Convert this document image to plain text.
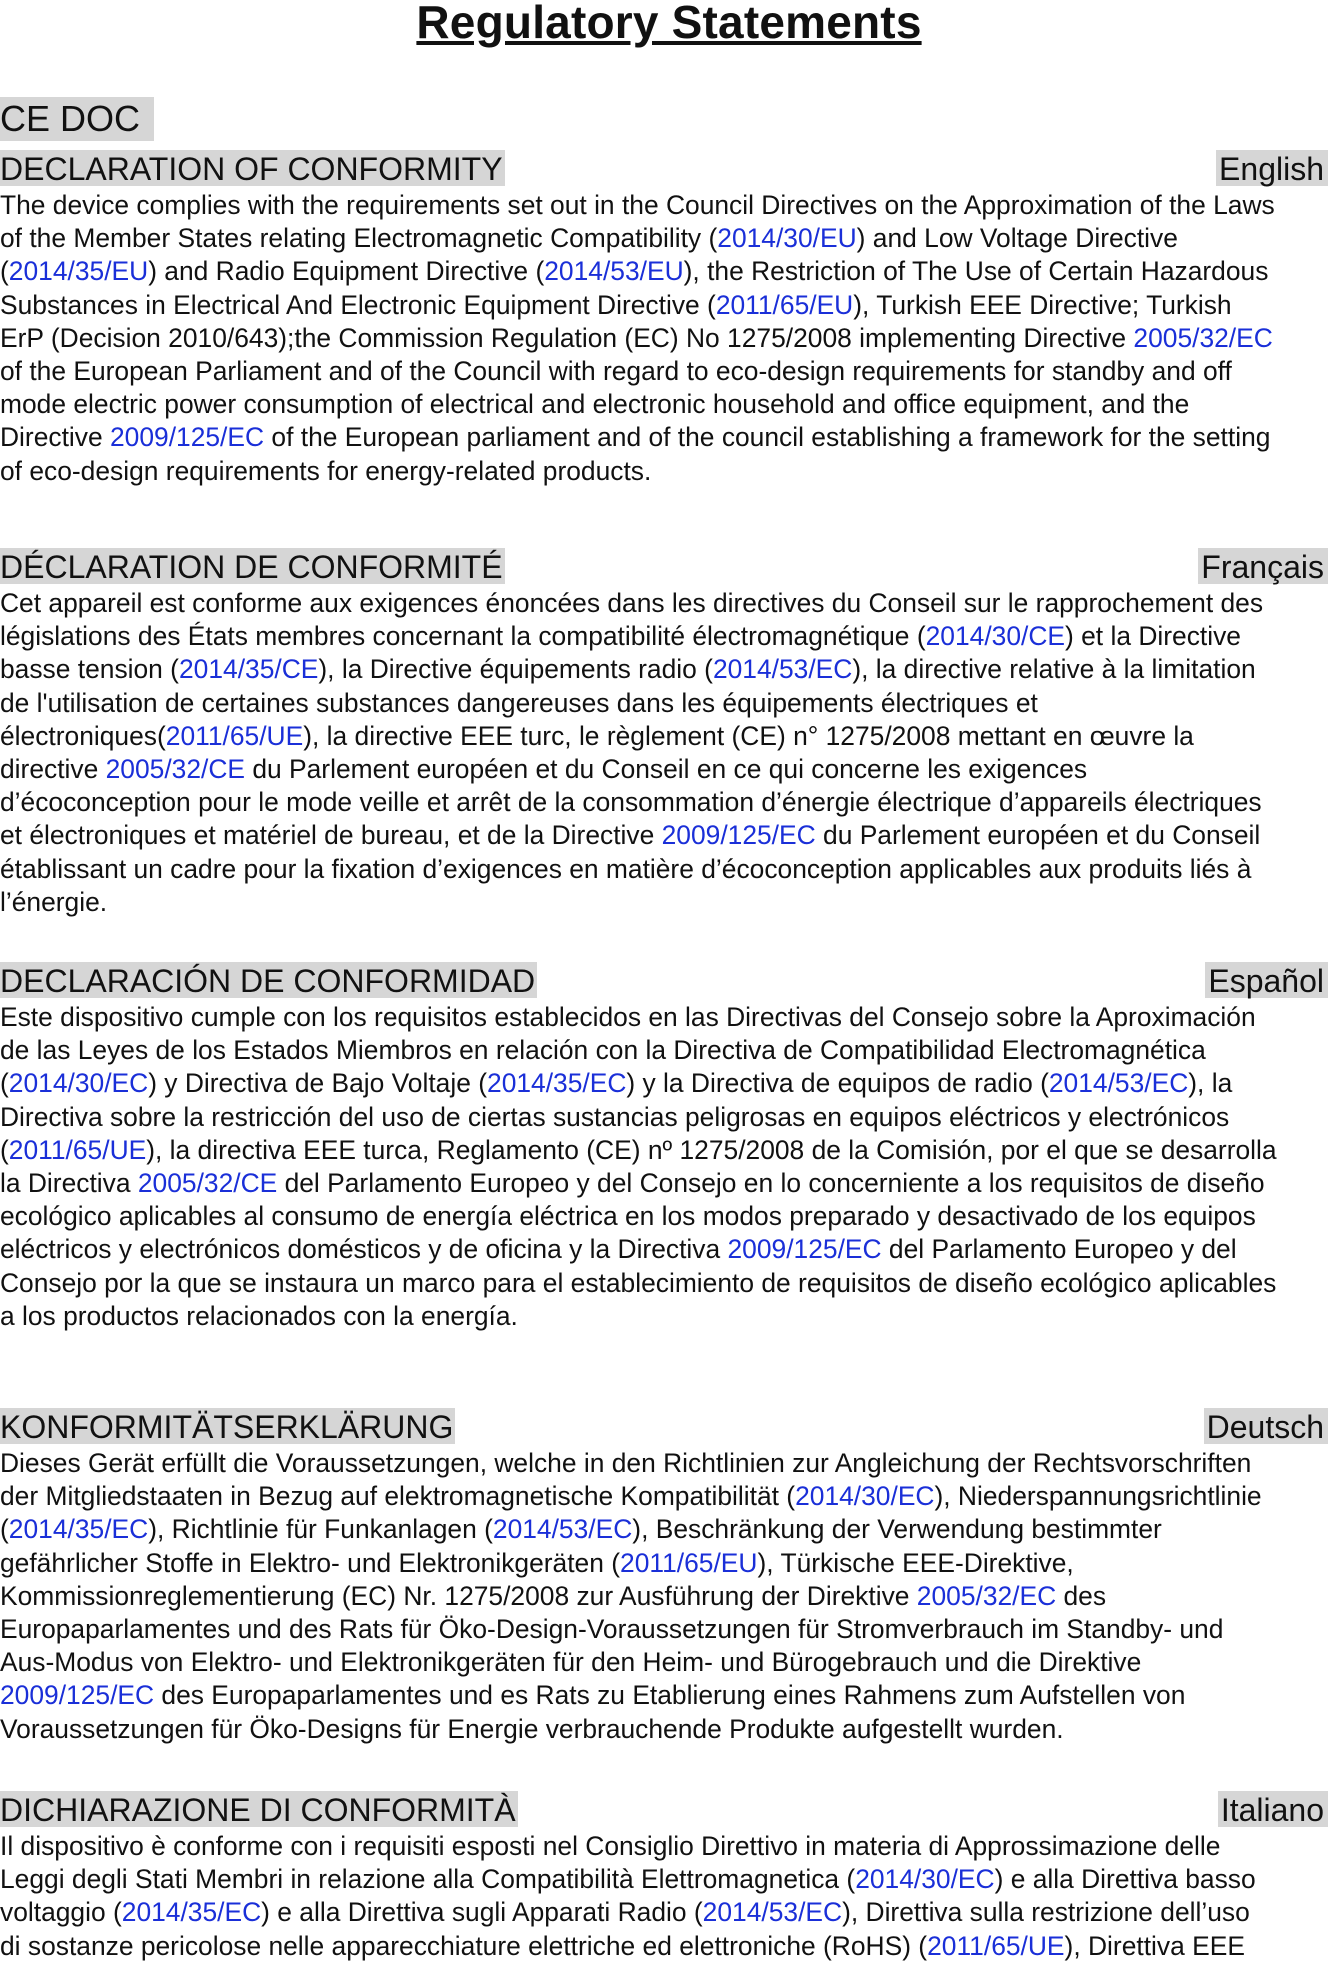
Regulatory Statements
CE DOC
DECLARATION OF CONFORMITY	English
The device complies with the requirements set out in the Council Directives on the Approximation of the Laws
of the Member States relating Electromagnetic Compatibility (2014/30/EU) and Low Voltage Directive
(2014/35/EU) and Radio Equipment Directive (2014/53/EU), the Restriction of The Use of Certain Hazardous
Substances in Electrical And Electronic Equipment Directive (2011/65/EU), Turkish EEE Directive; Turkish
ErP (Decision 2010/643);the Commission Regulation (EC) No 1275/2008 implementing Directive 2005/32/EC
of the European Parliament and of the Council with regard to eco-design requirements for standby and off
mode electric power consumption of electrical and electronic household and office equipment, and the
Directive 2009/125/EC of the European parliament and of the council establishing a framework for the setting
of eco-design requirements for energy-related products.
DÉCLARATION DE CONFORMITÉ	Français
Cet appareil est conforme aux exigences énoncées dans les directives du Conseil sur le rapprochement des
législations des États membres concernant la compatibilité électromagnétique (2014/30/CE) et la Directive
basse tension (2014/35/CE), la Directive équipements radio (2014/53/EC), la directive relative à la limitation
de l'utilisation de certaines substances dangereuses dans les équipements électriques et
électroniques(2011/65/UE), la directive EEE turc, le règlement (CE) n° 1275/2008 mettant en œuvre la
directive 2005/32/CE du Parlement européen et du Conseil en ce qui concerne les exigences
d’écoconception pour le mode veille et arrêt de la consommation d’énergie électrique d’appareils électriques
et électroniques et matériel de bureau, et de la Directive 2009/125/EC du Parlement européen et du Conseil
établissant un cadre pour la fixation d’exigences en matière d’écoconception applicables aux produits liés à
l’énergie.
DECLARACIÓN DE CONFORMIDAD	Español
Este dispositivo cumple con los requisitos establecidos en las Directivas del Consejo sobre la Aproximación
de las Leyes de los Estados Miembros en relación con la Directiva de Compatibilidad Electromagnética
(2014/30/EC) y Directiva de Bajo Voltaje (2014/35/EC) y la Directiva de equipos de radio (2014/53/EC), la
Directiva sobre la restricción del uso de ciertas sustancias peligrosas en equipos eléctricos y electrónicos
(2011/65/UE), la directiva EEE turca, Reglamento (CE) nº 1275/2008 de la Comisión, por el que se desarrolla
la Directiva 2005/32/CE del Parlamento Europeo y del Consejo en lo concerniente a los requisitos de diseño
ecológico aplicables al consumo de energía eléctrica en los modos preparado y desactivado de los equipos
eléctricos y electrónicos domésticos y de oficina y la Directiva 2009/125/EC del Parlamento Europeo y del
Consejo por la que se instaura un marco para el establecimiento de requisitos de diseño ecológico aplicables
a los productos relacionados con la energía.
KONFORMITÄTSERKLÄRUNG	Deutsch
Dieses Gerät erfüllt die Voraussetzungen, welche in den Richtlinien zur Angleichung der Rechtsvorschriften
der Mitgliedstaaten in Bezug auf elektromagnetische Kompatibilität (2014/30/EC), Niederspannungsrichtlinie
(2014/35/EC), Richtlinie für Funkanlagen (2014/53/EC), Beschränkung der Verwendung bestimmter
gefährlicher Stoffe in Elektro- und Elektronikgeräten (2011/65/EU), Türkische EEE-Direktive,
Kommissionreglementierung (EC) Nr. 1275/2008 zur Ausführung der Direktive 2005/32/EC des
Europaparlamentes und des Rats für Öko-Design-Voraussetzungen für Stromverbrauch im Standby- und
Aus-Modus von Elektro- und Elektronikgeräten für den Heim- und Bürogebrauch und die Direktive
2009/125/EC des Europaparlamentes und es Rats zu Etablierung eines Rahmens zum Aufstellen von
Voraussetzungen für Öko-Designs für Energie verbrauchende Produkte aufgestellt wurden.
DICHIARAZIONE DI CONFORMITÀ	Italiano
Il dispositivo è conforme con i requisiti esposti nel Consiglio Direttivo in materia di Approssimazione delle
Leggi degli Stati Membri in relazione alla Compatibilità Elettromagnetica (2014/30/EC) e alla Direttiva basso
voltaggio (2014/35/EC) e alla Direttiva sugli Apparati Radio (2014/53/EC), Direttiva sulla restrizione dell’uso
di sostanze pericolose nelle apparecchiature elettriche ed elettroniche (RoHS) (2011/65/UE), Direttiva EEE
